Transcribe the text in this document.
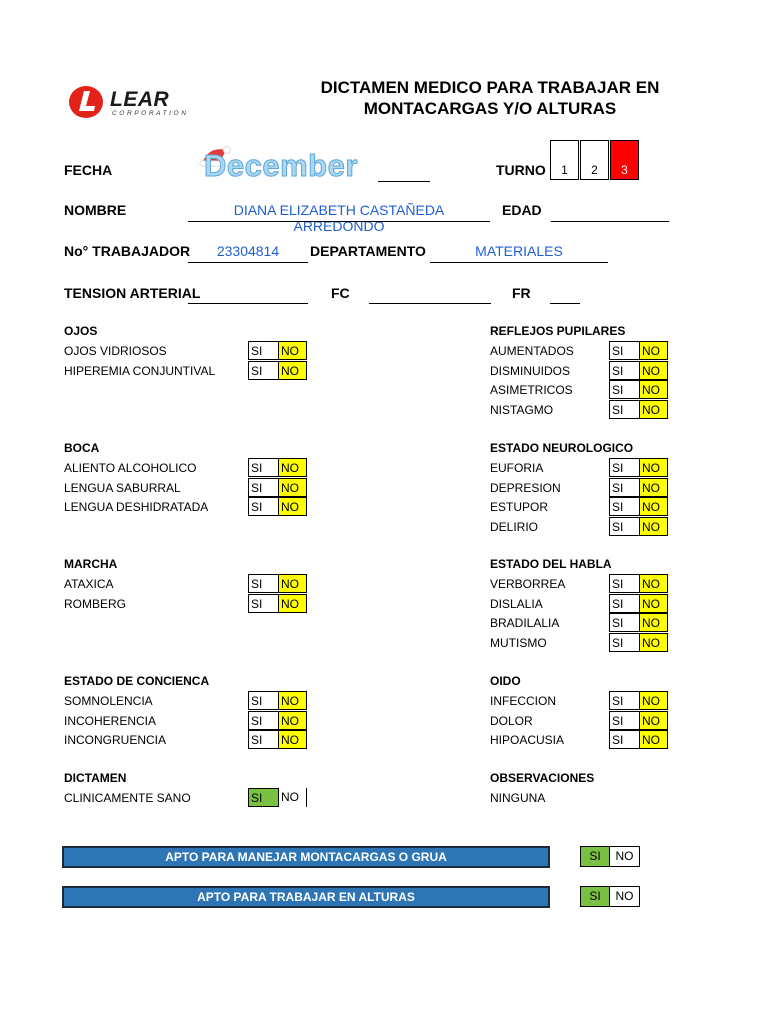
LEAR
CORPORATION
DICTAMEN MEDICO PARA TRABAJAR EN
MONTACARGAS Y/O ALTURAS
FECHA	December	TURNO	1	2	3
NOMBRE	DIANA ELIZABETH CASTAÑEDA ARREDONDO
EDAD
No° TRABAJADOR	23304814	DEPARTAMENTO	MATERIALES
TENSION ARTERIAL	FC	FR
OJOS
OJOS VIDRIOSOS	SI	NO
HIPEREMIA CONJUNTIVAL	SI	NO
BOCA
ALIENTO ALCOHOLICO	SI	NO
LENGUA SABURRAL	SI	NO
LENGUA DESHIDRATADA	SI	NO
MARCHA
ATAXICA	SI	NO
ROMBERG	SI	NO
ESTADO DE CONCIENCA
SOMNOLENCIA	SI	NO
INCOHERENCIA	SI	NO
INCONGRUENCIA	SI	NO
DICTAMEN
CLINICAMENTE SANO	SI	NO
REFLEJOS PUPILARES
AUMENTADOS	SI	NO
DISMINUIDOS	SI	NO
ASIMETRICOS	SI	NO
NISTAGMO	SI	NO
ESTADO NEUROLOGICO
EUFORIA	SI	NO
DEPRESION	SI	NO
ESTUPOR	SI	NO
DELIRIO	SI	NO
ESTADO DEL HABLA
VERBORREA	SI	NO
DISLALIA	SI	NO
BRADILALIA	SI	NO
MUTISMO	SI	NO
OIDO
INFECCION	SI	NO
DOLOR	SI	NO
HIPOACUSIA	SI	NO
OBSERVACIONES
NINGUNA
APTO PARA MANEJAR MONTACARGAS O GRUA	SI	NO
APTO PARA TRABAJAR EN ALTURAS	SI	NO
